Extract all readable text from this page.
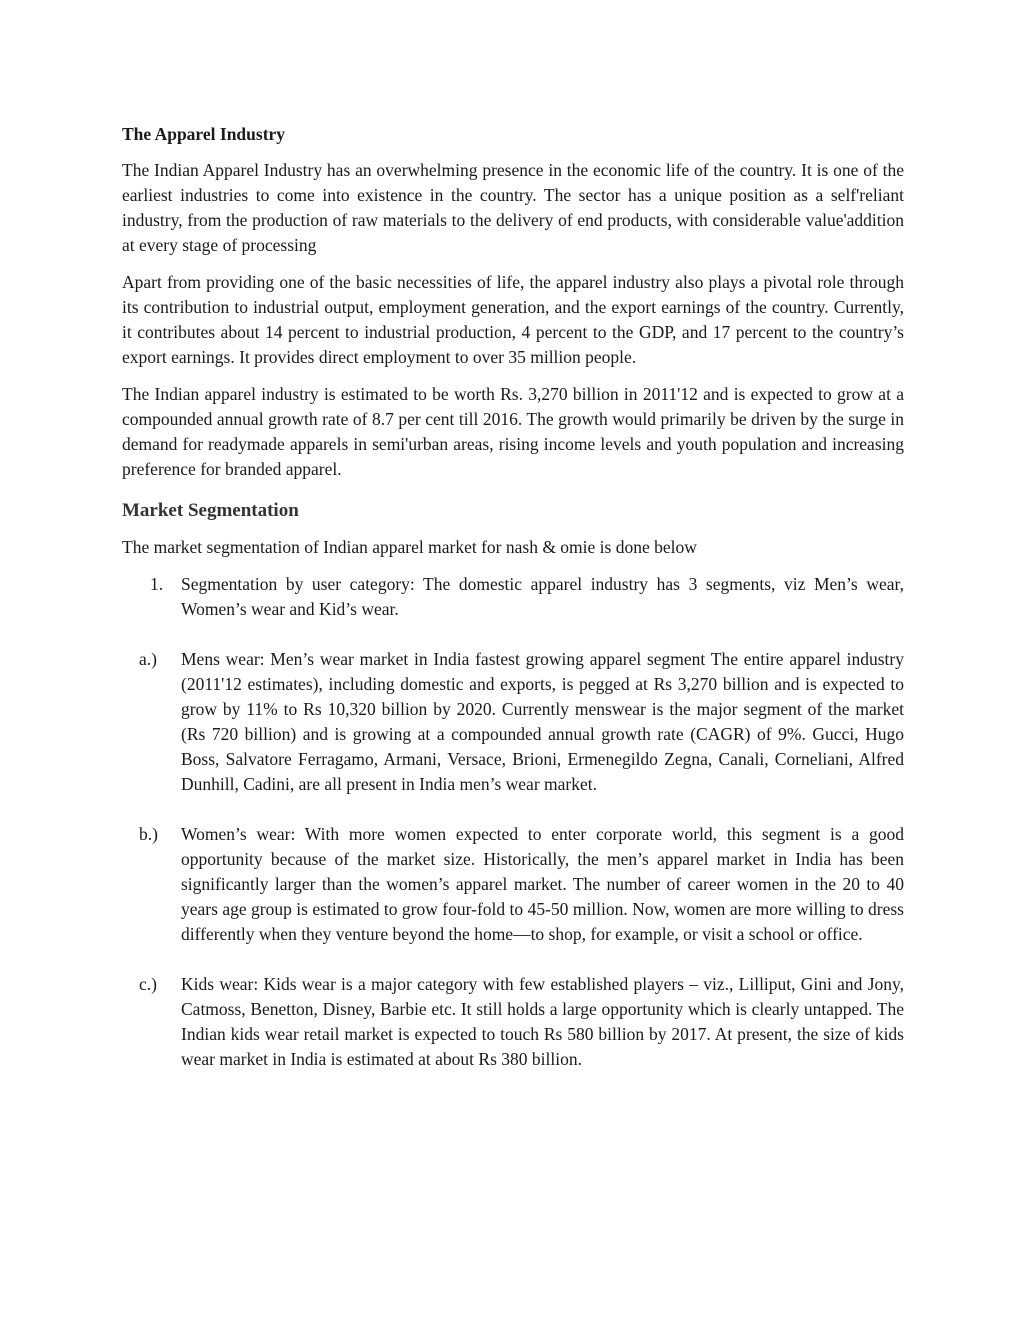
The Apparel Industry

The Indian Apparel Industry has an overwhelming presence in the economic life of the country. It is one of the earliest industries to come into existence in the country. The sector has a unique position as a self'reliant industry, from the production of raw materials to the delivery of end products, with considerable value'addition at every stage of processing

Apart from providing one of the basic necessities of life, the apparel industry also plays a pivotal role through its contribution to industrial output, employment generation, and the export earnings of the country. Currently, it contributes about 14 percent to industrial production, 4 percent to the GDP, and 17 percent to the country’s export earnings. It provides direct employment to over 35 million people.

The Indian apparel industry is estimated to be worth Rs. 3,270 billion in 2011'12 and is expected to grow at a compounded annual growth rate of 8.7 per cent till 2016. The growth would primarily be driven by the surge in demand for readymade apparels in semi'urban areas, rising income levels and youth population and increasing preference for branded apparel.

Market Segmentation

The market segmentation of Indian apparel market for nash & omie is done below

1. Segmentation by user category: The domestic apparel industry has 3 segments, viz Men’s wear, Women’s wear and Kid’s wear.
a.) Mens wear: Men’s wear market in India fastest growing apparel segment The entire apparel industry (2011'12 estimates), including domestic and exports, is pegged at Rs 3,270 billion and is expected to grow by 11% to Rs 10,320 billion by 2020. Currently menswear is the major segment of the market (Rs 720 billion) and is growing at a compounded annual growth rate (CAGR) of 9%. Gucci, Hugo Boss, Salvatore Ferragamo, Armani, Versace, Brioni, Ermenegildo Zegna, Canali, Corneliani, Alfred Dunhill, Cadini, are all present in India men’s wear market.
b.) Women’s wear: With more women expected to enter corporate world, this segment is a good opportunity because of the market size. Historically, the men’s apparel market in India has been significantly larger than the women’s apparel market. The number of career women in the 20 to 40 years age group is estimated to grow four-fold to 45-50 million. Now, women are more willing to dress differently when they venture beyond the home—to shop, for example, or visit a school or office.
c.) Kids wear: Kids wear is a major category with few established players – viz., Lilliput, Gini and Jony, Catmoss, Benetton, Disney, Barbie etc. It still holds a large opportunity which is clearly untapped. The Indian kids wear retail market is expected to touch Rs 580 billion by 2017. At present, the size of kids wear market in India is estimated at about Rs 380 billion.
